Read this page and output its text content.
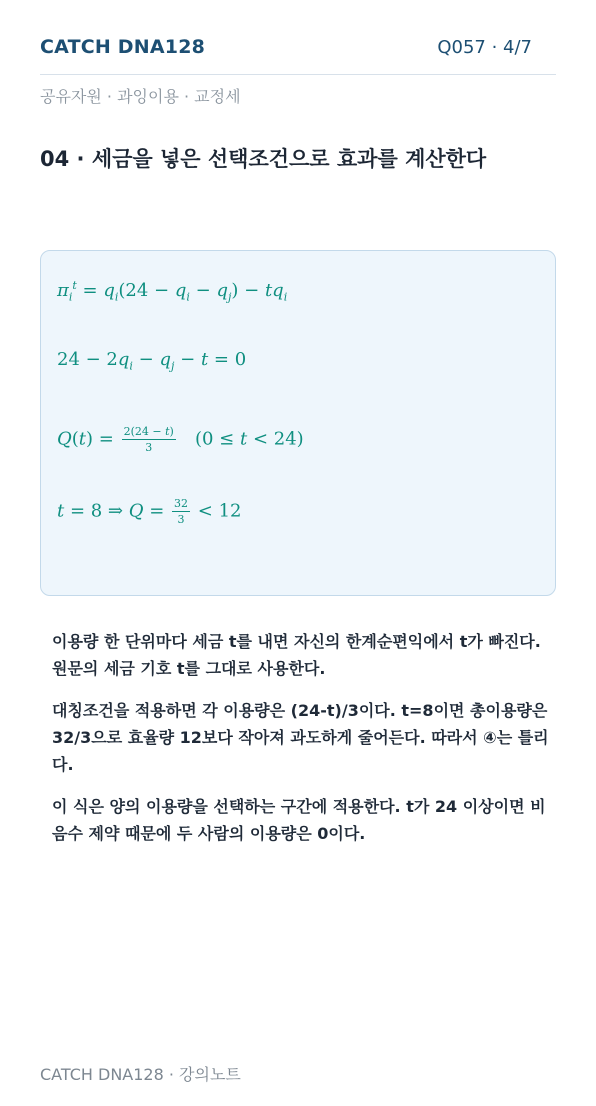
CATCH DNA128	Q057 · 4/7
공유자원 · 과잉이용 · 교정세
04 · 세금을 넣은 선택조건으로 효과를 계산한다
$\pi_i^t = q_i(24 - q_i - q_j) - tq_i$
$24 - 2q_i - q_j - t = 0$
$Q(t) = \frac{2(24 - t)}{3} (0 \le t < 24)$
t = 8 ⇒ $Q = \frac{32}{3} < 12$
이용량 한 단위마다 세금 t를 내면 자신의 한계순편익에서 t가 빠진다. 원문의 세금 기호 t를 그대로 사용한다.
대칭조건을 적용하면 각 이용량은 (24-t)/3이다. t=8이면 총이용량은 32/3으로 효율량 12보다 작아져 과도하게 줄어든다. 따라서 ④는 틀리다.
이 식은 양의 이용량을 선택하는 구간에 적용한다. t가 24 이상이면 비음수 제약 때문에 두 사람의 이용량은 0이다.
CATCH DNA128 · 강의노트
